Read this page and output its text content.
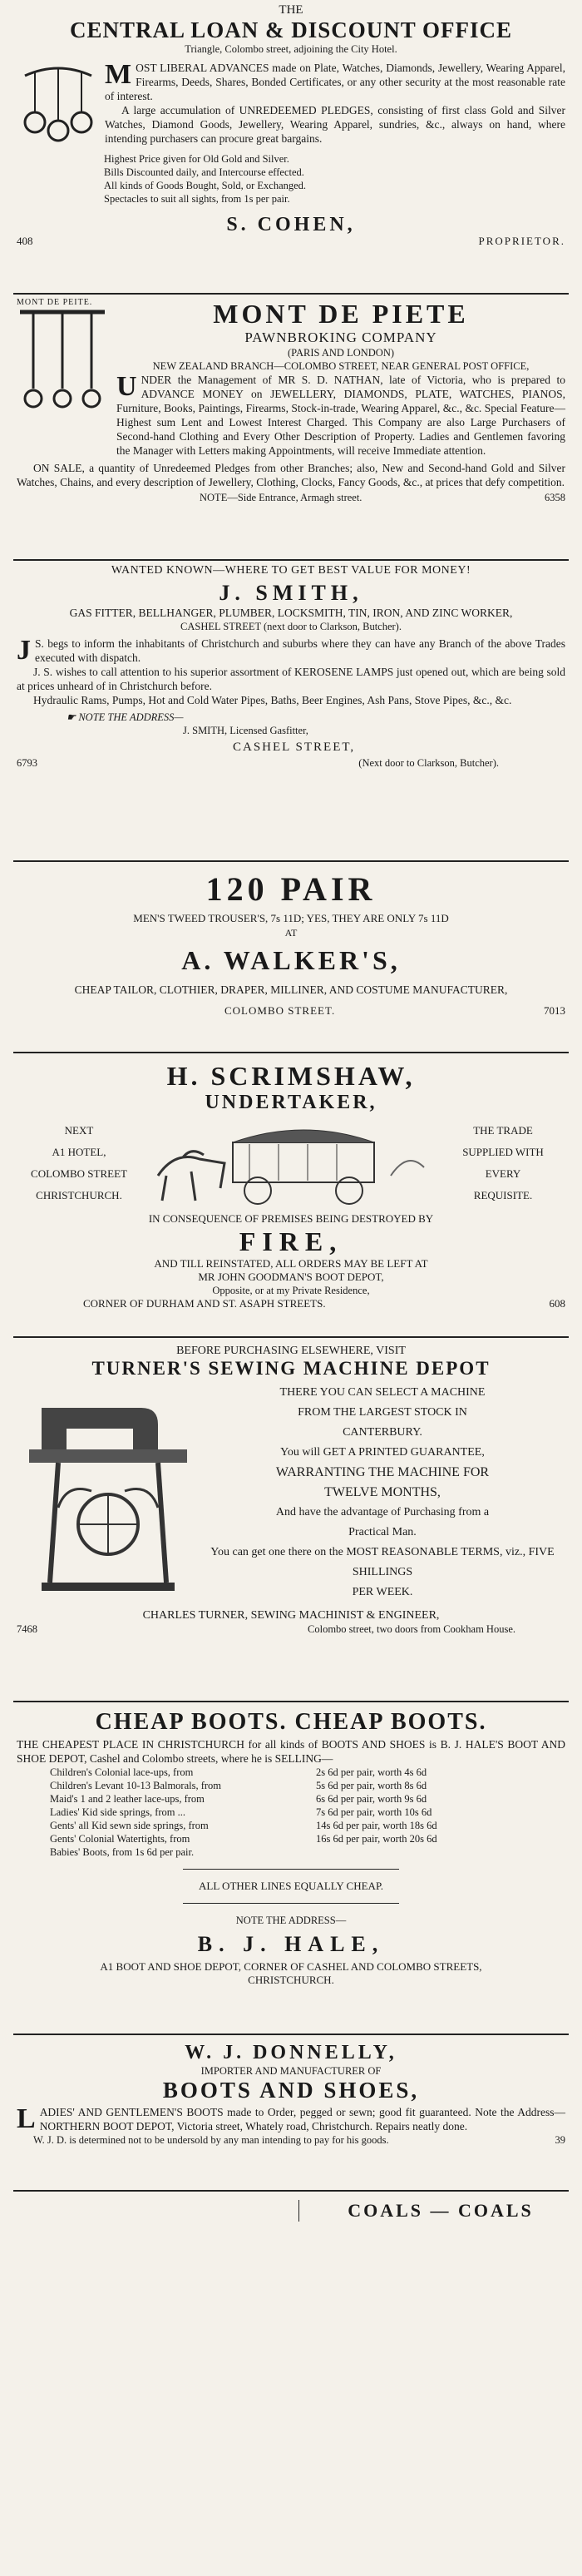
THE
CENTRAL LOAN & DISCOUNT OFFICE
Triangle, Colombo street, adjoining the City Hotel.
MOST LIBERAL ADVANCES made on Plate, Watches, Diamonds, Jewellery, Wearing Apparel, Firearms, Deeds, Shares, Bonded Certificates, or any other security at the most reasonable rate of interest.
A large accumulation of UNREDEEMED PLEDGES, consisting of first class Gold and Silver Watches, Diamond Goods, Jewellery, Wearing Apparel, sundries, &c., always on hand, where intending purchasers can procure great bargains.
Highest Price given for Old Gold and Silver.
Bills Discounted daily, and Intercourse effected.
All kinds of Goods Bought, Sold, or Exchanged.
Spectacles to suit all sights, from 1s per pair.
S. COHEN,
408	PROPRIETOR.
MONT DE PEITE.	MONT DE PIETE
PAWNBROKING COMPANY
(PARIS AND LONDON)
NEW ZEALAND BRANCH—COLOMBO STREET, NEAR GENERAL POST OFFICE,
UNDER the Management of MR S. D. NATHAN, late of Victoria, who is prepared to ADVANCE MONEY on JEWELLERY, DIAMONDS, PLATE, WATCHES, PIANOS, Furniture, Books, Paintings, Firearms, Stock-in-trade, Wearing Apparel, &c., &c. Special Feature—Highest sum Lent and Lowest Interest Charged. This Company are also Large Purchasers of Second-hand Clothing and Every Other Description of Property. Ladies and Gentlemen favoring the Manager with Letters making Appointments, will receive Immediate attention.
ON SALE, a quantity of Unredeemed Pledges from other Branches; also, New and Second-hand Gold and Silver Watches, Chains, and every description of Jewellery, Clothing, Clocks, Fancy Goods, &c., at prices that defy competition.
NOTE—Side Entrance, Armagh street.	6358
WANTED KNOWN—WHERE TO GET BEST VALUE FOR MONEY!
J. SMITH,
GAS FITTER, BELLHANGER, PLUMBER, LOCKSMITH, TIN, IRON, AND ZINC WORKER,
CASHEL STREET (next door to Clarkson, Butcher).
J S. begs to inform the inhabitants of Christchurch and suburbs where they can have any Branch of the above Trades executed with dispatch.
J. S. wishes to call attention to his superior assortment of KEROSENE LAMPS just opened out, which are being sold at prices unheard of in Christchurch before.
Hydraulic Rams, Pumps, Hot and Cold Water Pipes, Baths, Beer Engines, Ash Pans, Stove Pipes, &c., &c.
☛ NOTE THE ADDRESS—
J. SMITH, Licensed Gasfitter,
CASHEL STREET,
6793	(Next door to Clarkson, Butcher).
120 PAIR
MEN'S TWEED TROUSER'S, 7s 11D; YES, THEY ARE ONLY 7s 11D
AT
A. WALKER'S,
CHEAP TAILOR, CLOTHIER, DRAPER, MILLINER, AND COSTUME MANUFACTURER,
COLOMBO STREET.	7013
H. SCRIMSHAW,
UNDERTAKER,
NEXT
A1 HOTEL,
COLOMBO STREET
CHRISTCHURCH.
THE TRADE
SUPPLIED WITH
EVERY
REQUISITE.
IN CONSEQUENCE OF PREMISES BEING DESTROYED BY
FIRE,
AND TILL REINSTATED, ALL ORDERS MAY BE LEFT AT
MR JOHN GOODMAN'S BOOT DEPOT,
Opposite, or at my Private Residence,
CORNER OF DURHAM AND ST. ASAPH STREETS.	608
BEFORE PURCHASING ELSEWHERE, VISIT
TURNER'S SEWING MACHINE DEPOT
THERE YOU CAN SELECT A MACHINE
FROM THE LARGEST STOCK IN
CANTERBURY.
You will GET A PRINTED GUARANTEE,
WARRANTING THE MACHINE FOR
TWELVE MONTHS,
And have the advantage of Purchasing from a
Practical Man.
You can get one there on the MOST REASONABLE TERMS, viz., FIVE SHILLINGS
PER WEEK.
CHARLES TURNER, SEWING MACHINIST & ENGINEER,
7468	Colombo street, two doors from Cookham House.
CHEAP BOOTS. CHEAP BOOTS.
THE CHEAPEST PLACE IN CHRISTCHURCH for all kinds of BOOTS AND SHOES is B. J. HALE'S BOOT AND SHOE DEPOT, Cashel and Colombo streets, where he is SELLING—
Children's Colonial lace-ups, from	2s 6d per pair, worth 4s 6d
Children's Levant 10-13 Balmorals, from	5s 6d per pair, worth 8s 6d
Maid's 1 and 2 leather lace-ups, from	6s 6d per pair, worth 9s 6d
Ladies' Kid side springs, from ...	7s 6d per pair, worth 10s 6d
Gents' all Kid sewn side springs, from	14s 6d per pair, worth 18s 6d
Gents' Colonial Watertights, from	16s 6d per pair, worth 20s 6d
Babies' Boots, from 1s 6d per pair.
ALL OTHER LINES EQUALLY CHEAP.
NOTE THE ADDRESS—
B. J. HALE,
A1 BOOT AND SHOE DEPOT, CORNER OF CASHEL AND COLOMBO STREETS,
CHRISTCHURCH.
W. J. DONNELLY,
IMPORTER AND MANUFACTURER OF
BOOTS AND SHOES,
LADIES' AND GENTLEMEN'S BOOTS made to Order, pegged or sewn; good fit guaranteed. Note the Address—NORTHERN BOOT DEPOT, Victoria street, Whately road, Christchurch. Repairs neatly done.
W. J. D. is determined not to be undersold by any man intending to pay for his goods.	39
COALS — COALS
